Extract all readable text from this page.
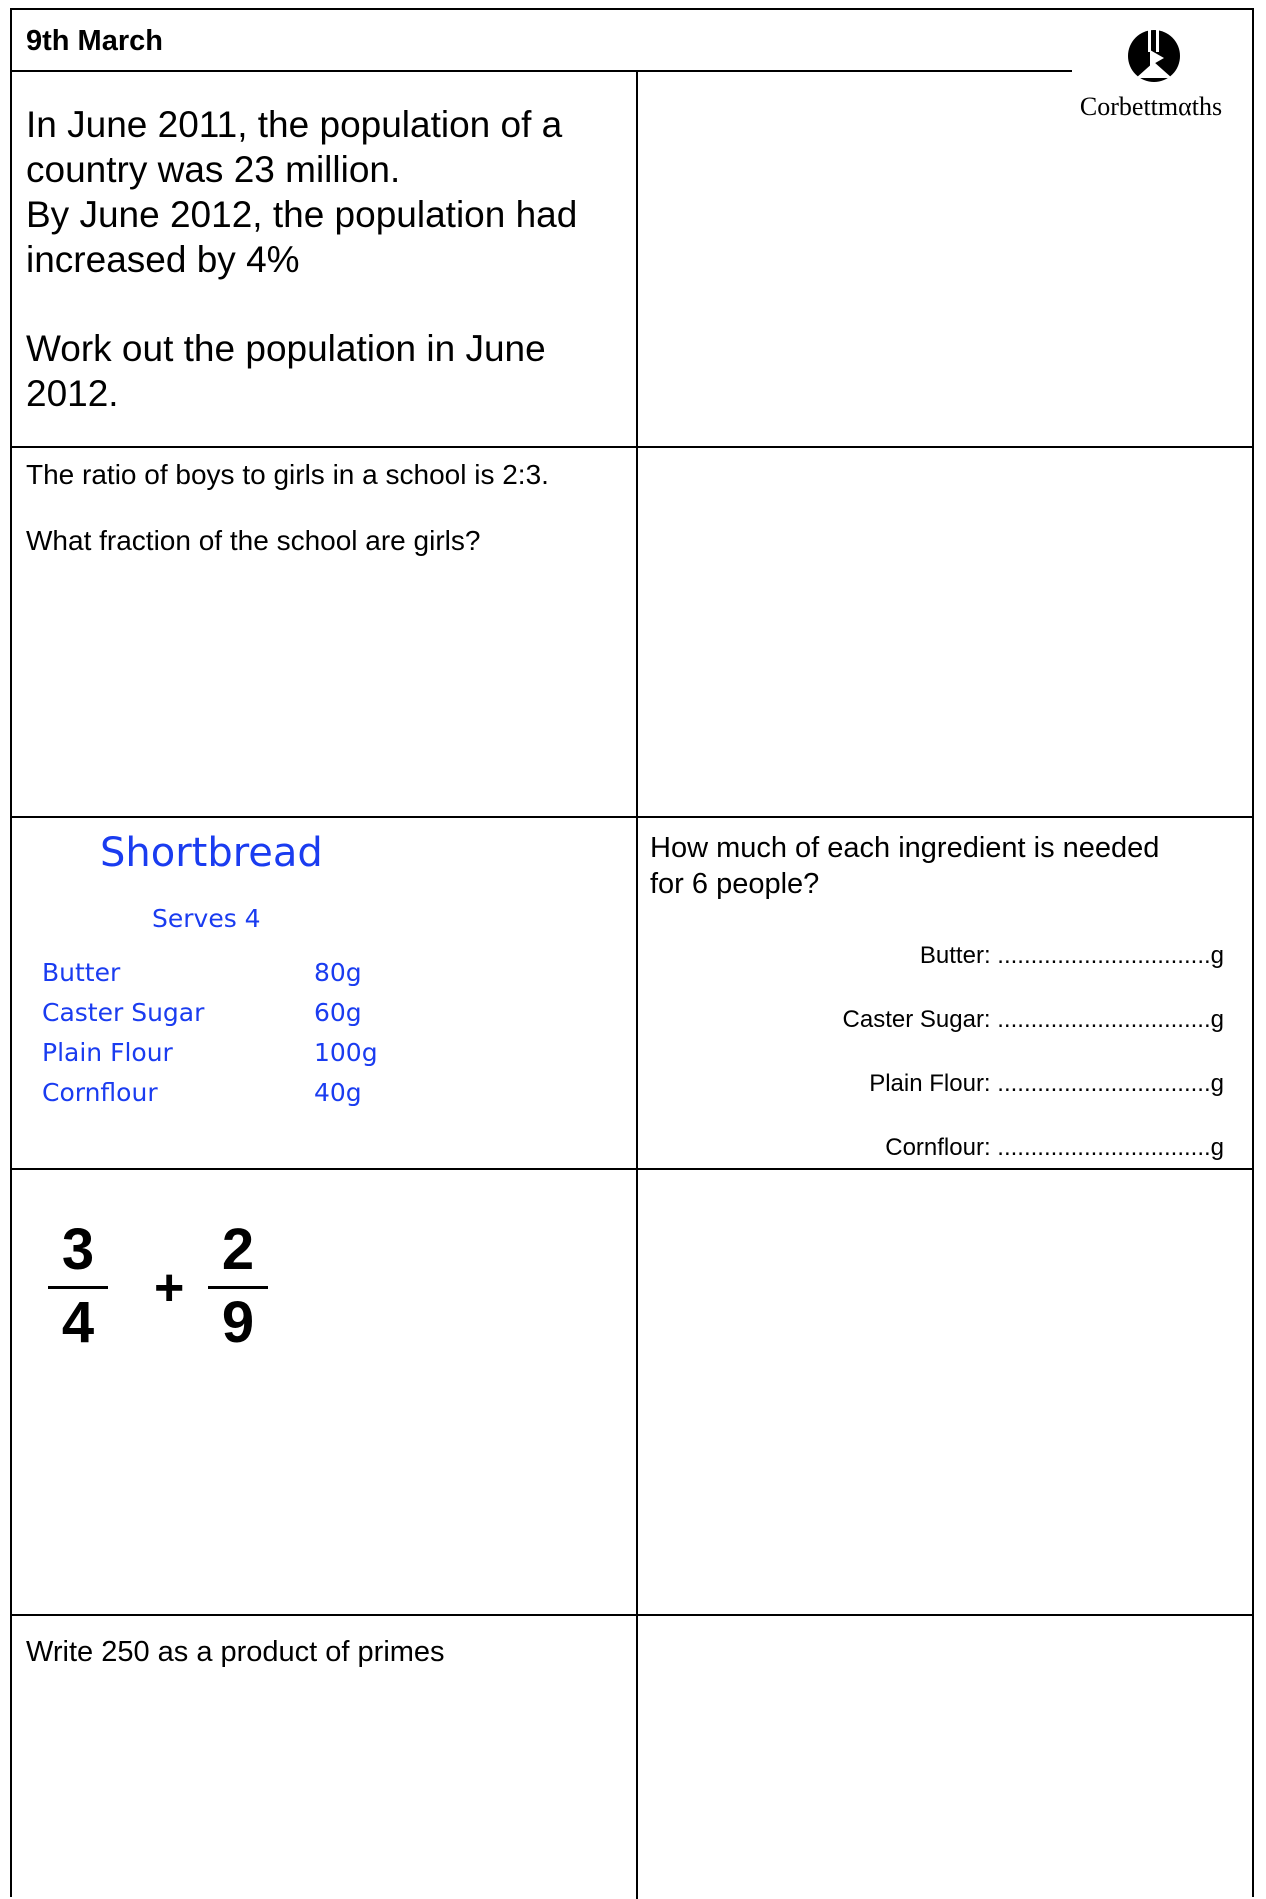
9th March
Corbettmαths

In June 2011, the population of a

country was 23 million.

By June 2012, the population had

increased by 4%

Work out the population in June

2012.

The ratio of boys to girls in a school is 2:3.

What fraction of the school are girls?

Shortbread
Serves 4
Butter	80g
Caster Sugar	60g
Plain Flour	100g
Cornflour	40g
How much of each ingredient is needed
for 6 people?
Butter: ................................g
Caster Sugar: ................................g
Plain Flour: ................................g
Cornflour: ................................g
3
4
+
2
9
Write 250 as a product of primes
